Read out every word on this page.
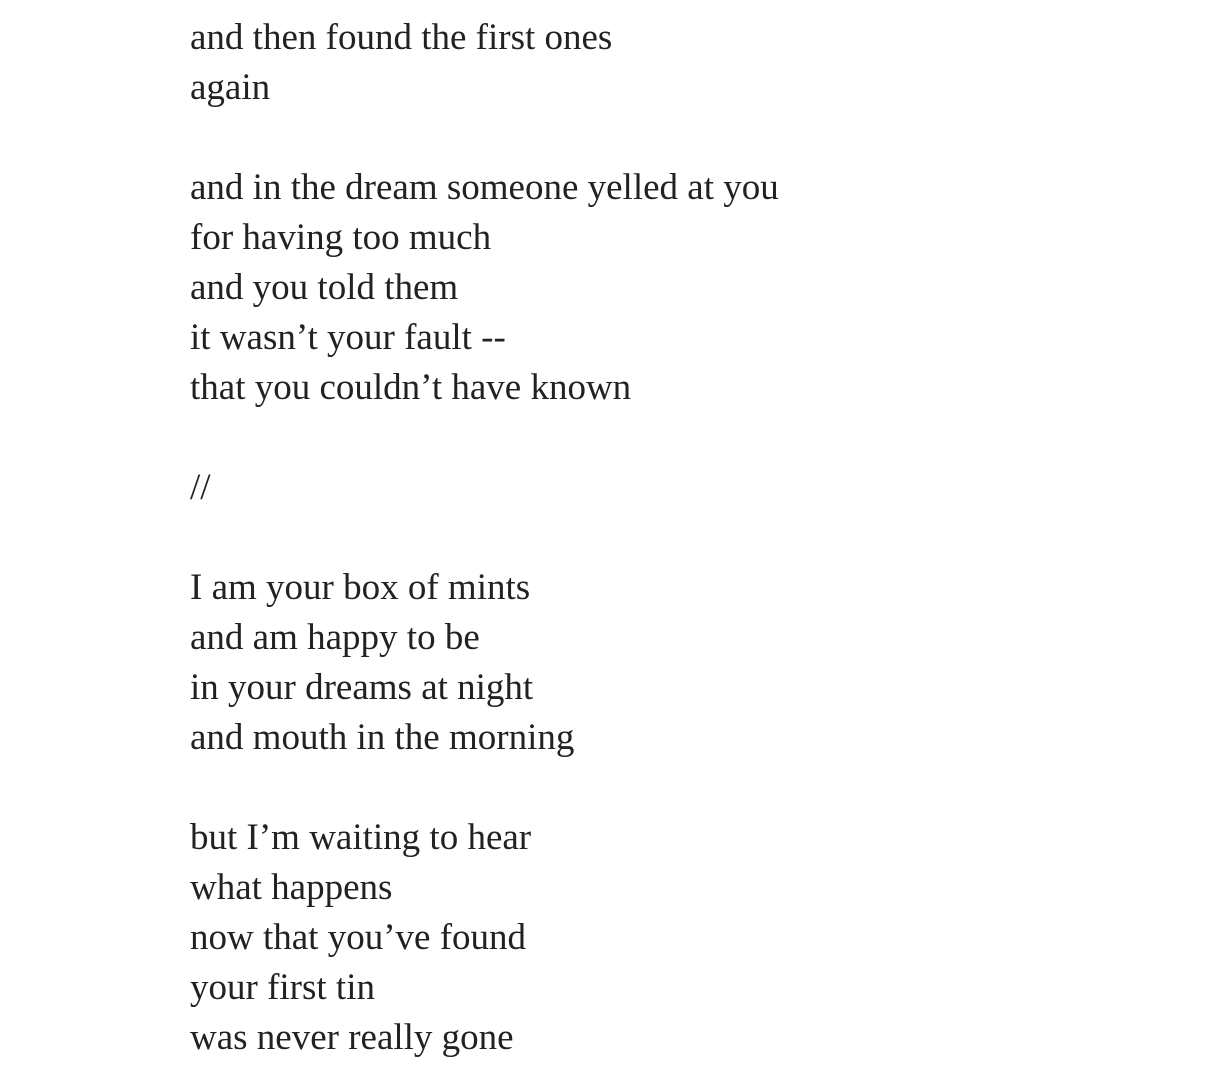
and then found the first ones
again
and in the dream someone yelled at you
for having too much
and you told them
it wasn’t your fault --
that you couldn’t have known
//
I am your box of mints
and am happy to be
in your dreams at night
and mouth in the morning
but I’m waiting to hear
what happens
now that you’ve found
your first tin
was never really gone
